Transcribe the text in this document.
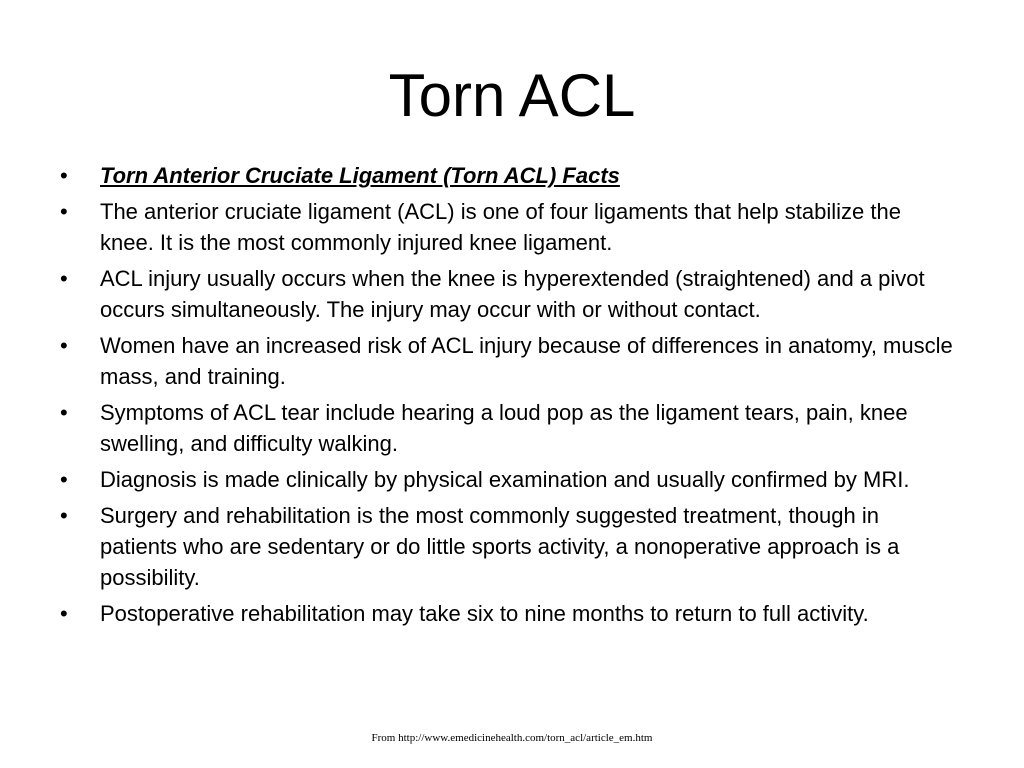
Torn ACL
•	Torn Anterior Cruciate Ligament (Torn ACL) Facts
•	The anterior cruciate ligament (ACL) is one of four ligaments that help stabilize the knee. It is the most commonly injured knee ligament.
•	ACL injury usually occurs when the knee is hyperextended (straightened) and a pivot occurs simultaneously. The injury may occur with or without contact.
•	Women have an increased risk of ACL injury because of differences in anatomy, muscle mass, and training.
•	Symptoms of ACL tear include hearing a loud pop as the ligament tears, pain, knee swelling, and difficulty walking.
•	Diagnosis is made clinically by physical examination and usually confirmed by MRI.
•	Surgery and rehabilitation is the most commonly suggested treatment, though in patients who are sedentary or do little sports activity, a nonoperative approach is a possibility.
•	Postoperative rehabilitation may take six to nine months to return to full activity.
From http://www.emedicinehealth.com/torn_acl/article_em.htm
